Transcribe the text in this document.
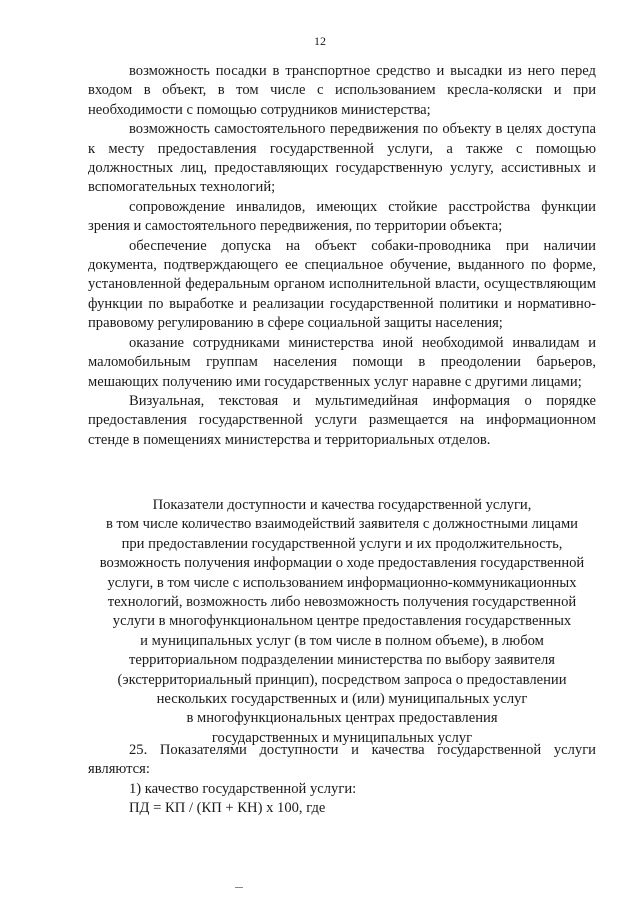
12

возможность посадки в транспортное средство и высадки из него перед входом в объект, в том числе с использованием кресла-коляски и при необходимости с помощью сотрудников министерства;

возможность самостоятельного передвижения по объекту в целях доступа к месту предоставления государственной услуги, а также с помощью должностных лиц, предоставляющих государственную услугу, ассистивных и вспомогательных технологий;

сопровождение инвалидов, имеющих стойкие расстройства функции зрения и самостоятельного передвижения, по территории объекта;

обеспечение допуска на объект собаки-проводника при наличии документа, подтверждающего ее специальное обучение, выданного по форме, установленной федеральным органом исполнительной власти, осуществляющим функции по выработке и реализации государственной политики и нормативно-правовому регулированию в сфере социальной защиты населения;

оказание сотрудниками министерства иной необходимой инвалидам и маломобильным группам населения помощи в преодолении барьеров, мешающих получению ими государственных услуг наравне с другими лицами;

Визуальная, текстовая и мультимедийная информация о порядке предоставления государственной услуги размещается на информационном стенде в помещениях министерства и территориальных отделов.

Показатели доступности и качества государственной услуги,
в том числе количество взаимодействий заявителя с должностными лицами
при предоставлении государственной услуги и их продолжительность,
возможность получения информации о ходе предоставления государственной
услуги, в том числе с использованием информационно-коммуникационных
технологий, возможность либо невозможность получения государственной
услуги в многофункциональном центре предоставления государственных
и муниципальных услуг (в том числе в полном объеме), в любом
территориальном подразделении министерства по выбору заявителя
(экстерриториальный принцип), посредством запроса о предоставлении
нескольких государственных и (или) муниципальных услуг
в многофункциональных центрах предоставления
государственных и муниципальных услуг

25. Показателями доступности и качества государственной услуги являются:

1) качество государственной услуги:

ПД = КП / (КП + КН) х 100, где
